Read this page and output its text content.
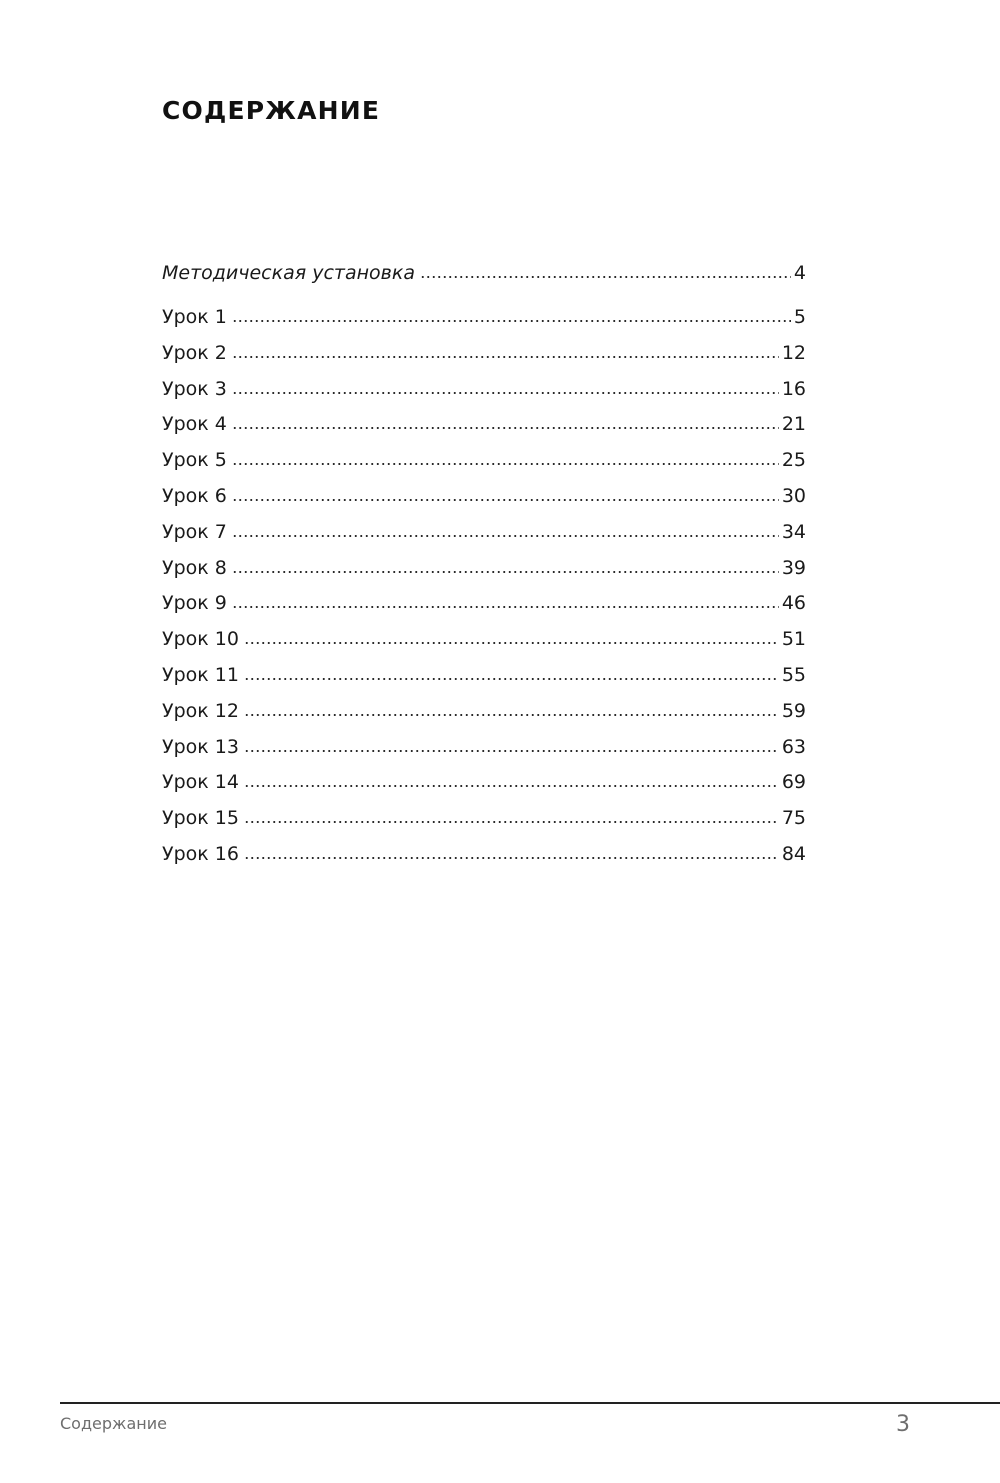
СОДЕРЖАНИЕ
Методическая установка	4
Урок 1	5
Урок 2	12
Урок 3	16
Урок 4	21
Урок 5	25
Урок 6	30
Урок 7	34
Урок 8	39
Урок 9	46
Урок 10	51
Урок 11	55
Урок 12	59
Урок 13	63
Урок 14	69
Урок 15	75
Урок 16	84
Содержание	3
